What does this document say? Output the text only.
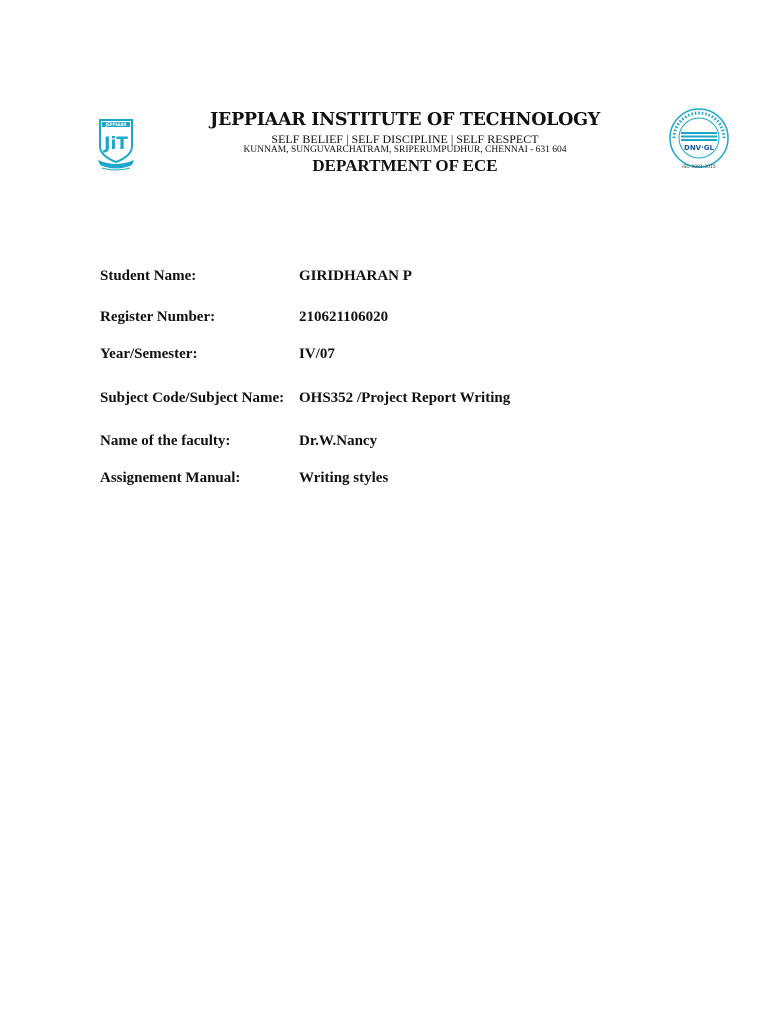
JEPPIAAR
JiT
JEPPIAAR INSTITUTE OF TECHNOLOGY
SELF BELIEF | SELF DISCIPLINE | SELF RESPECT
KUNNAM, SUNGUVARCHATRAM, SRIPERUMPUDHUR, CHENNAI - 631 604
DEPARTMENT OF ECE
DNV·GL
ISO 9001:2015
Student Name:	GIRIDHARAN P
Register Number:	210621106020
Year/Semester:	IV/07
Subject Code/Subject Name: OHS352 /Project Report Writing
Name of the faculty:	Dr.W.Nancy
Assignement Manual:	Writing styles
